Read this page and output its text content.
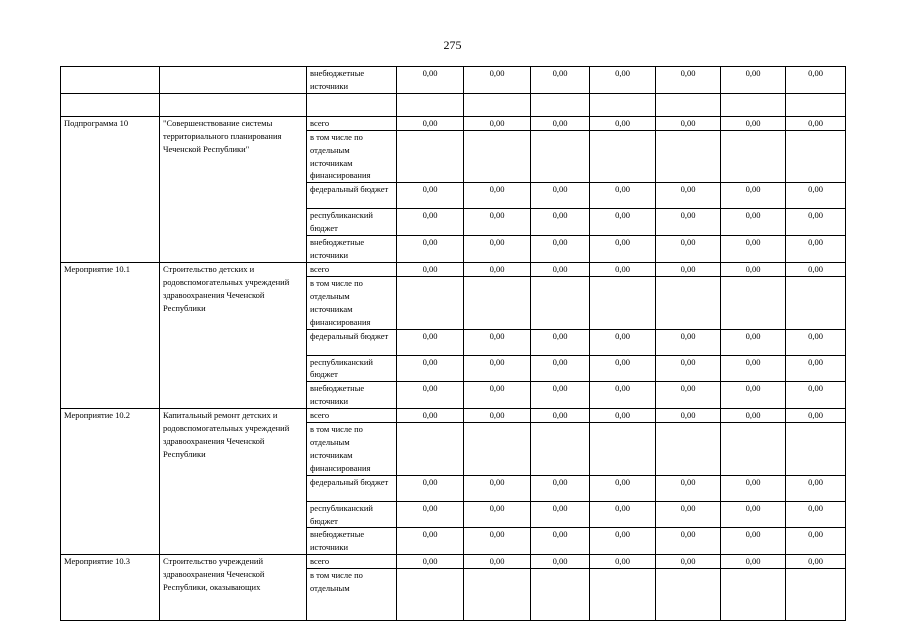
275
		внебюджетные источники	0,00	0,00	0,00	0,00	0,00	0,00	0,00

Подпрограмма 10	"Совершенствование системы территориального планирования Чеченской Республики"	всего	0,00	0,00	0,00	0,00	0,00	0,00	0,00
		в том числе по отдельным источникам финансирования							
		федеральный бюджет	0,00	0,00	0,00	0,00	0,00	0,00	0,00
		республиканский бюджет	0,00	0,00	0,00	0,00	0,00	0,00	0,00
		внебюджетные источники	0,00	0,00	0,00	0,00	0,00	0,00	0,00
Мероприятие 10.1	Строительство детских и родовспомогательных учреждений здравоохранения Чеченской Республики	всего	0,00	0,00	0,00	0,00	0,00	0,00	0,00
		в том числе по отдельным источникам финансирования							
		федеральный бюджет	0,00	0,00	0,00	0,00	0,00	0,00	0,00
		республиканский бюджет	0,00	0,00	0,00	0,00	0,00	0,00	0,00
		внебюджетные источники	0,00	0,00	0,00	0,00	0,00	0,00	0,00
Мероприятие 10.2	Капитальный ремонт детских и родовспомогательных учреждений здравоохранения Чеченской Республики	всего	0,00	0,00	0,00	0,00	0,00	0,00	0,00
		в том числе по отдельным источникам финансирования							
		федеральный бюджет	0,00	0,00	0,00	0,00	0,00	0,00	0,00
		республиканский бюджет	0,00	0,00	0,00	0,00	0,00	0,00	0,00
		внебюджетные источники	0,00	0,00	0,00	0,00	0,00	0,00	0,00
Мероприятие 10.3	Строительство учреждений здравоохранения Чеченской Республики, оказывающих	всего	0,00	0,00	0,00	0,00	0,00	0,00	0,00
		в том числе по отдельным							
